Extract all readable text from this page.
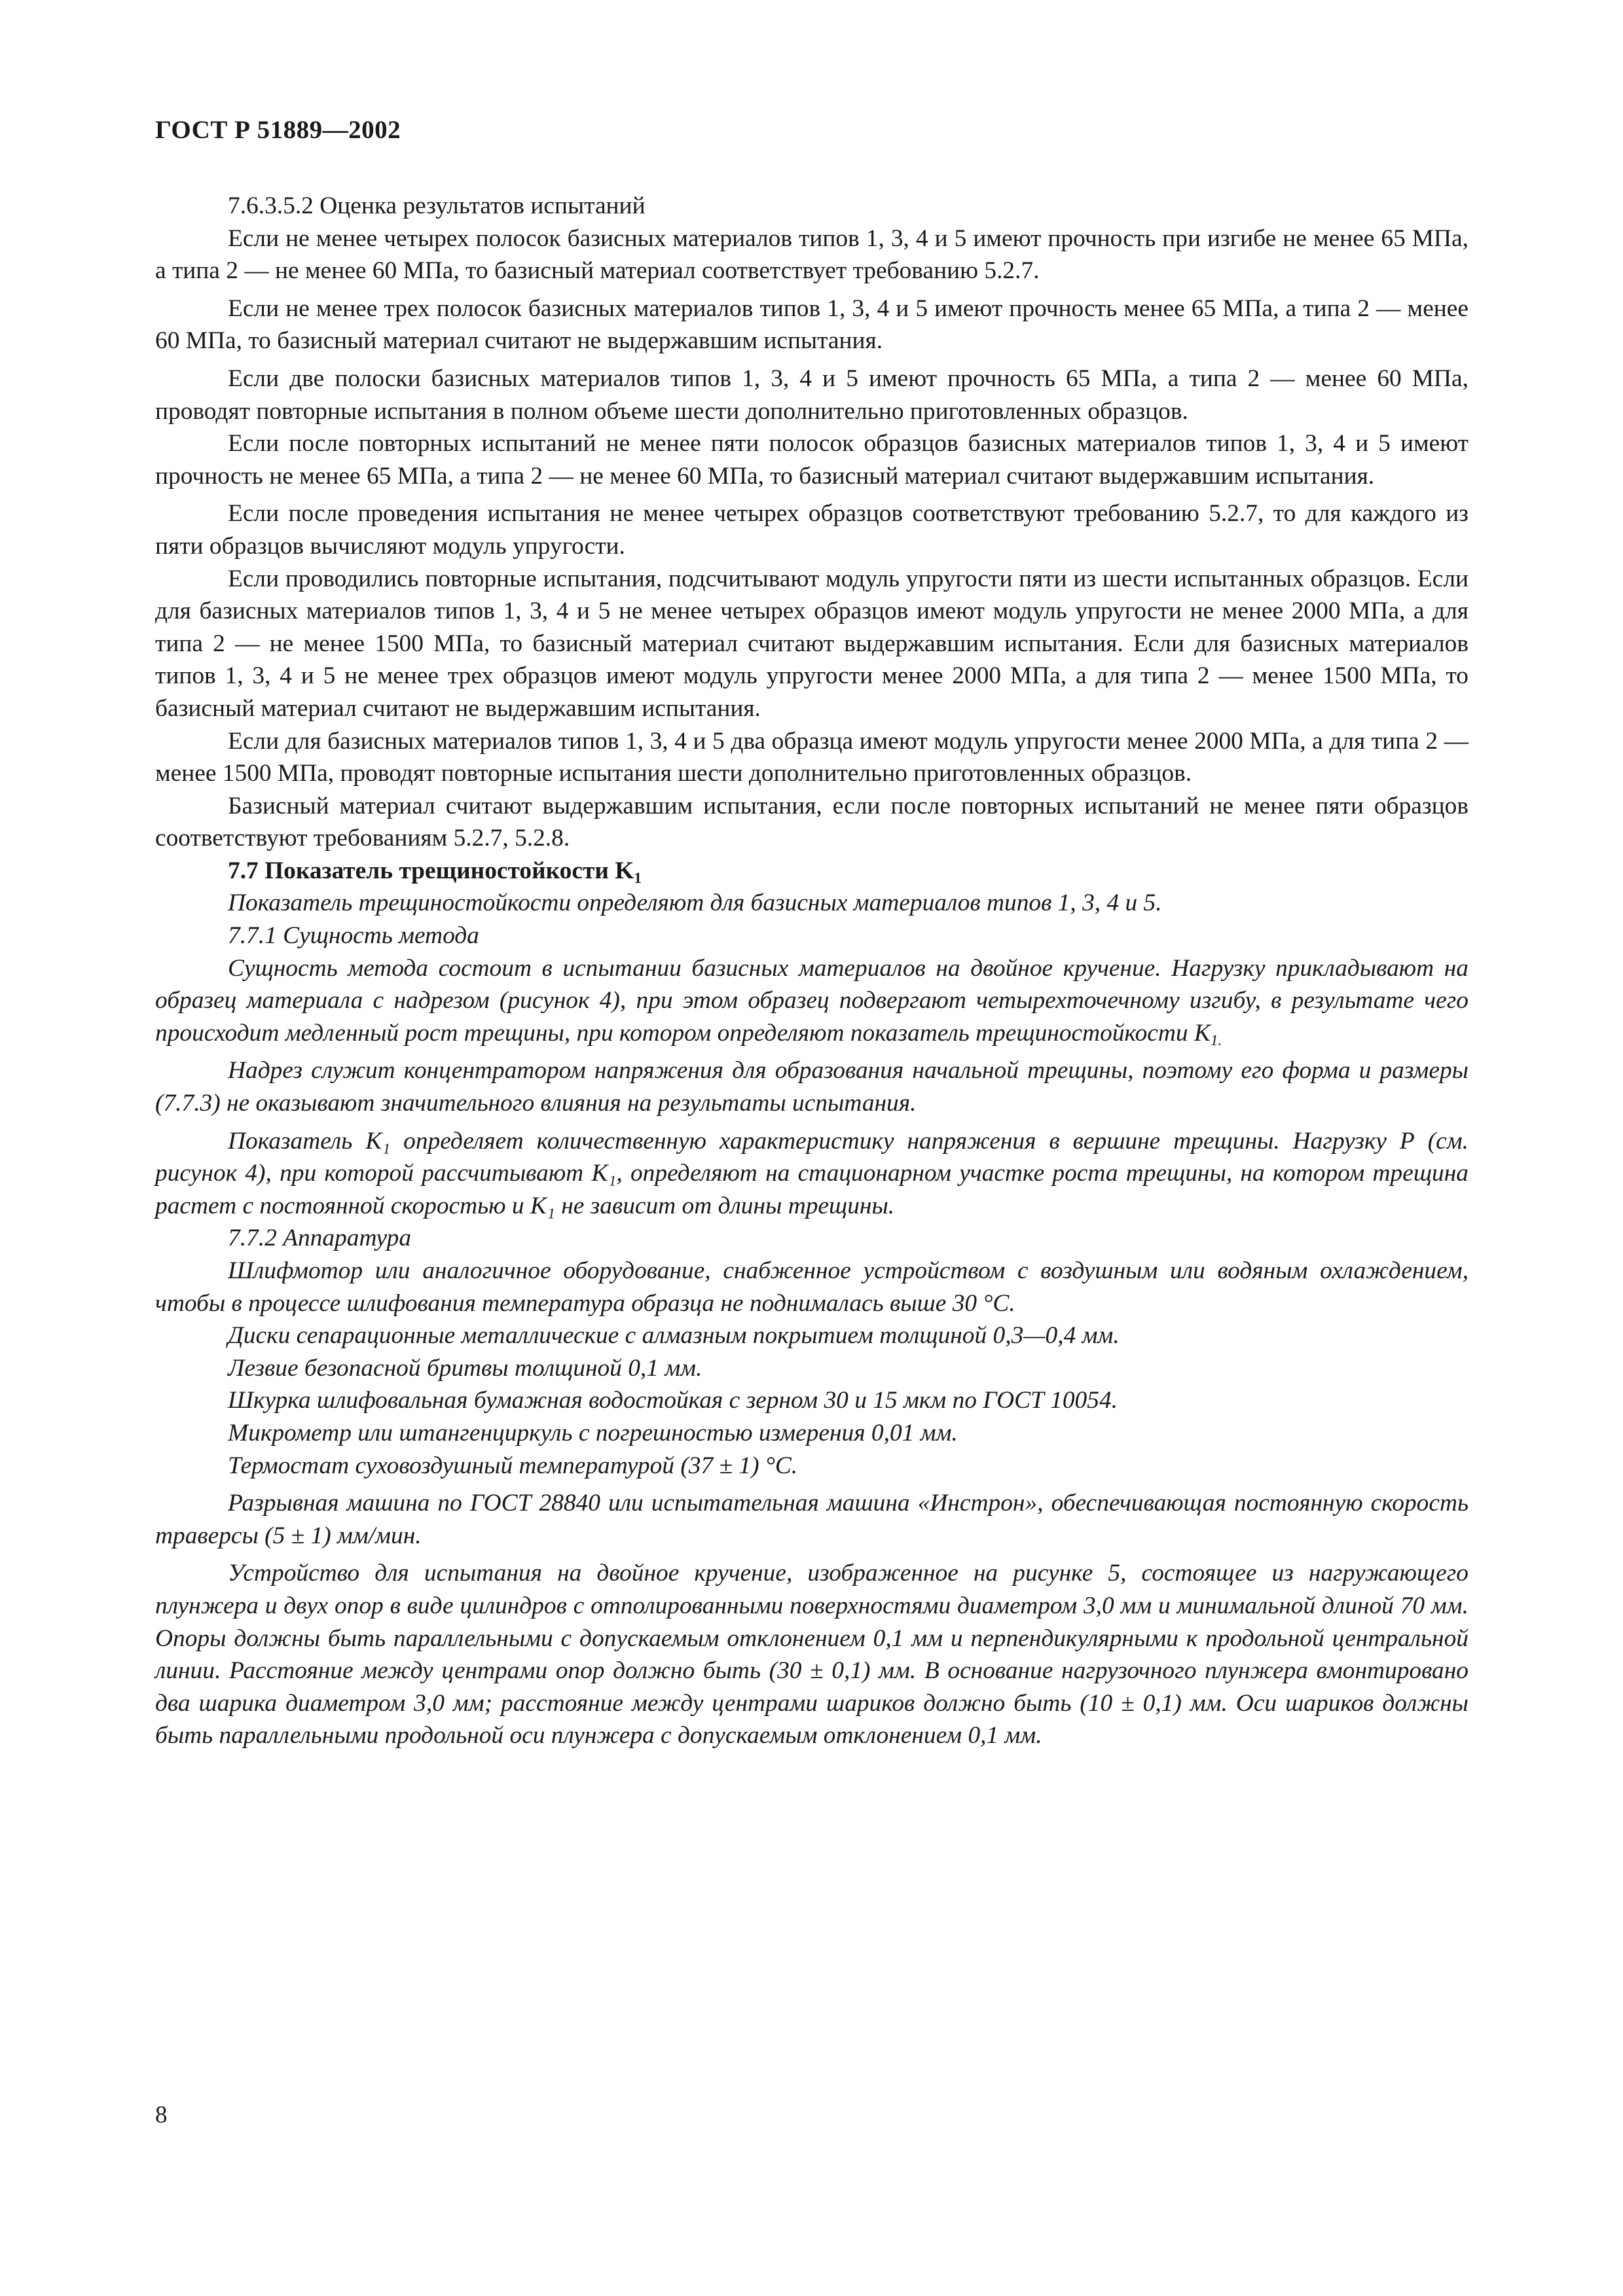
ГОСТ Р 51889—2002

7.6.3.5.2 Оценка результатов испытаний

Если не менее четырех полосок базисных материалов типов 1, 3, 4 и 5 имеют прочность при изгибе не менее 65 МПа, а типа 2 — не менее 60 МПа, то базисный материал соответствует требованию 5.2.7.

Если не менее трех полосок базисных материалов типов 1, 3, 4 и 5 имеют прочность менее 65 МПа, а типа 2 — менее 60 МПа, то базисный материал считают не выдержавшим испытания.

Если две полоски базисных материалов типов 1, 3, 4 и 5 имеют прочность 65 МПа, а типа 2 — менее 60 МПа, проводят повторные испытания в полном объеме шести дополнительно приготовленных образцов.

Если после повторных испытаний не менее пяти полосок образцов базисных материалов типов 1, 3, 4 и 5 имеют прочность не менее 65 МПа, а типа 2 — не менее 60 МПа, то базисный материал считают выдержавшим испытания.

Если после проведения испытания не менее четырех образцов соответствуют требованию 5.2.7, то для каждого из пяти образцов вычисляют модуль упругости.

Если проводились повторные испытания, подсчитывают модуль упругости пяти из шести испытанных образцов. Если для базисных материалов типов 1, 3, 4 и 5 не менее четырех образцов имеют модуль упругости не менее 2000 МПа, а для типа 2 — не менее 1500 МПа, то базисный материал считают выдержавшим испытания. Если для базисных материалов типов 1, 3, 4 и 5 не менее трех образцов имеют модуль упругости менее 2000 МПа, а для типа 2 — менее 1500 МПа, то базисный материал считают не выдержавшим испытания.

Если для базисных материалов типов 1, 3, 4 и 5 два образца имеют модуль упругости менее 2000 МПа, а для типа 2 — менее 1500 МПа, проводят повторные испытания шести дополнительно приготовленных образцов.

Базисный материал считают выдержавшим испытания, если после повторных испытаний не менее пяти образцов соответствуют требованиям 5.2.7, 5.2.8.

7.7 Показатель трещиностойкости $K_1$

Показатель трещиностойкости определяют для базисных материалов типов 1, 3, 4 и 5.

7.7.1 Сущность метода

Сущность метода состоит в испытании базисных материалов на двойное кручение. Нагрузку прикладывают на образец материала с надрезом (рисунок 4), при этом образец подвергают четырехточечному изгибу, в результате чего происходит медленный рост трещины, при котором определяют показатель трещиностойкости $K_{1.}$

Надрез служит концентратором напряжения для образования начальной трещины, поэтому его форма и размеры (7.7.3) не оказывают значительного влияния на результаты испытания.

Показатель K₁ определяет количественную характеристику напряжения в вершине трещины. Нагрузку Р (см. рисунок 4), при которой рассчитывают K₁, определяют на стационарном участке роста трещины, на котором трещина растет с постоянной скоростью и K₁ не зависит от длины трещины.

7.7.2 Аппаратура

Шлифмотор или аналогичное оборудование, снабженное устройством с воздушным или водяным охлаждением, чтобы в процессе шлифования температура образца не поднималась выше 30 °С.

Диски сепарационные металлические с алмазным покрытием толщиной 0,3—0,4 мм.

Лезвие безопасной бритвы толщиной 0,1 мм.

Шкурка шлифовальная бумажная водостойкая с зерном 30 и 15 мкм по ГОСТ 10054.

Микрометр или штангенциркуль с погрешностью измерения 0,01 мм.

Термостат суховоздушный температурой (37 ± 1) °С.

Разрывная машина по ГОСТ 28840 или испытательная машина «Инстрон», обеспечивающая постоянную скорость траверсы (5 ± 1) мм/мин.

Устройство для испытания на двойное кручение, изображенное на рисунке 5, состоящее из нагружающего плунжера и двух опор в виде цилиндров с отполированными поверхностями диаметром 3,0 мм и минимальной длиной 70 мм. Опоры должны быть параллельными с допускаемым отклонением 0,1 мм и перпендикулярными к продольной центральной линии. Расстояние между центрами опор должно быть (30 ± 0,1) мм. В основание нагрузочного плунжера вмонтировано два шарика диаметром 3,0 мм; расстояние между центрами шариков должно быть (10 ± 0,1) мм. Оси шариков должны быть параллельными продольной оси плунжера с допускаемым отклонением 0,1 мм.

8
